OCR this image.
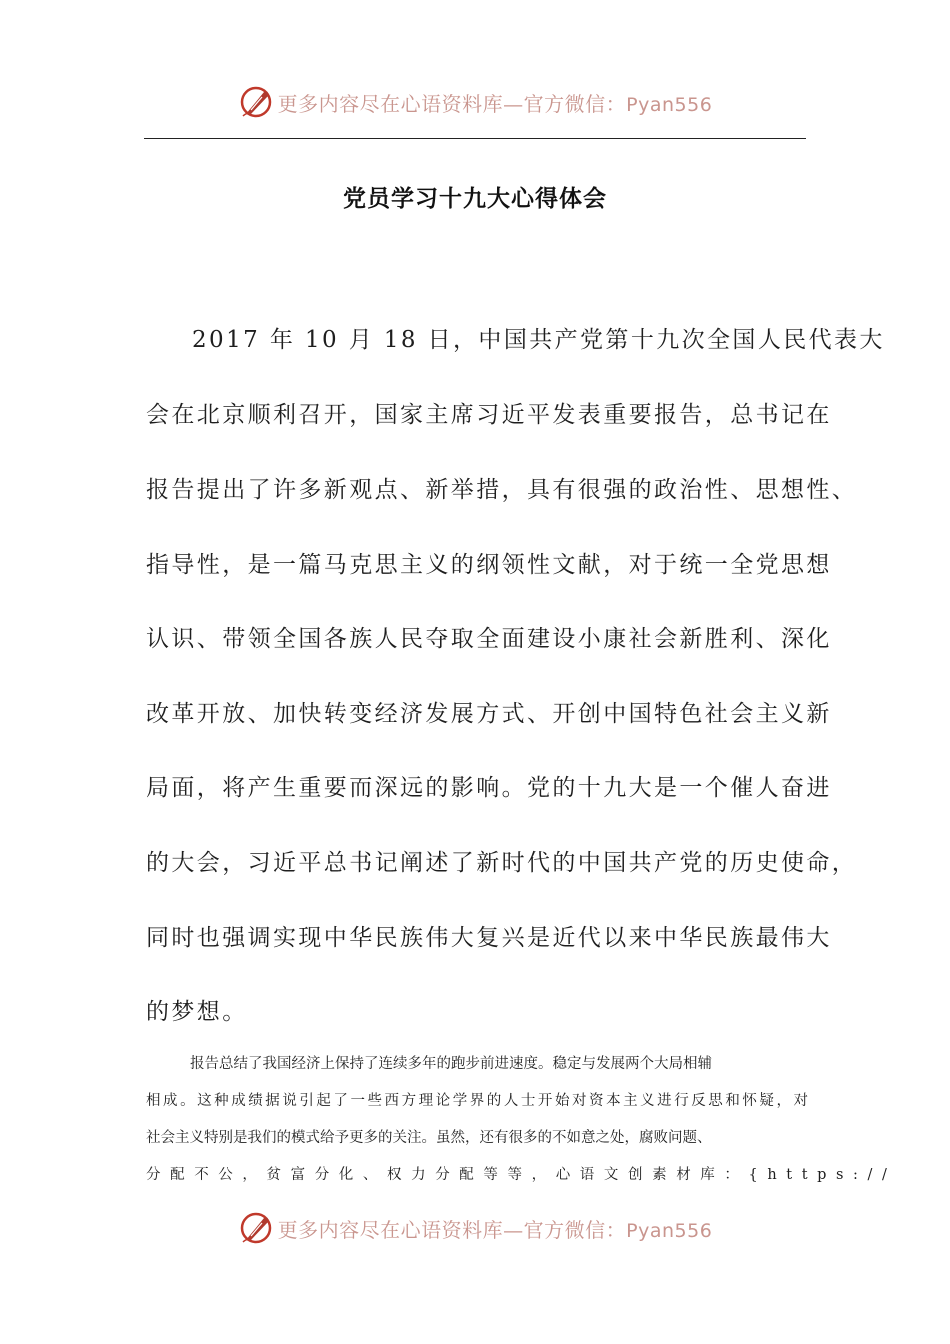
更多内容尽在心语资料库—官方微信：Pyan556
党员学习十九大心得体会
2017 年 10 月 18 日，中国共产党第十九次全国人民代表大
会在北京顺利召开，国家主席习近平发表重要报告，总书记在
报告提出了许多新观点、新举措，具有很强的政治性、思想性、
指导性，是一篇马克思主义的纲领性文献，对于统一全党思想
认识、带领全国各族人民夺取全面建设小康社会新胜利、深化
改革开放、加快转变经济发展方式、开创中国特色社会主义新
局面，将产生重要而深远的影响。党的十九大是一个催人奋进
的大会，习近平总书记阐述了新时代的中国共产党的历史使命，
同时也强调实现中华民族伟大复兴是近代以来中华民族最伟大
的梦想。
报告总结了我国经济上保持了连续多年的跑步前进速度。稳定与发展两个大局相辅
相成。这种成绩据说引起了一些西方理论学界的人士开始对资本主义进行反思和怀疑，对
社会主义特别是我们的模式给予更多的关注。虽然，还有很多的不如意之处，腐败问题、
分配不公，贫富分化、权力分配等等，心语文创素材库：{https://
更多内容尽在心语资料库—官方微信：Pyan556
